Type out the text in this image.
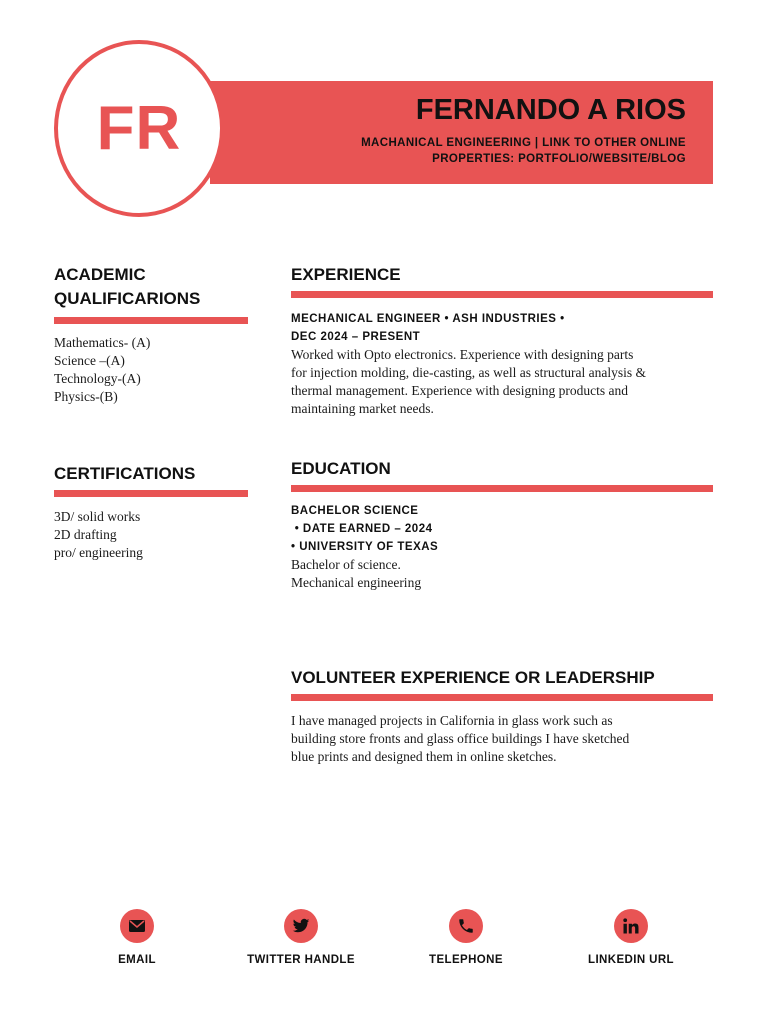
FR	FERNANDO A RIOS
MACHANICAL ENGINEERING | LINK TO OTHER ONLINE
PROPERTIES: PORTFOLIO/WEBSITE/BLOG
ACADEMIC
QUALIFICARIONS
Mathematics- (A)
Science –(A)
Technology-(A)
Physics-(B)
CERTIFICATIONS
3D/ solid works
2D drafting
pro/ engineering
EXPERIENCE
MECHANICAL ENGINEER • ASH INDUSTRIES •
DEC 2024 – PRESENT
Worked with Opto electronics. Experience with designing parts
for injection molding, die-casting, as well as structural analysis &
thermal management. Experience with designing products and
maintaining market needs.
EDUCATION
BACHELOR SCIENCE
• DATE EARNED – 2024
• UNIVERSITY OF TEXAS
Bachelor of science.
Mechanical engineering
VOLUNTEER EXPERIENCE OR LEADERSHIP
I have managed projects in California in glass work such as
building store fronts and glass office buildings I have sketched
blue prints and designed them in online sketches.
EMAIL	TWITTER HANDLE	TELEPHONE	LINKEDIN URL
